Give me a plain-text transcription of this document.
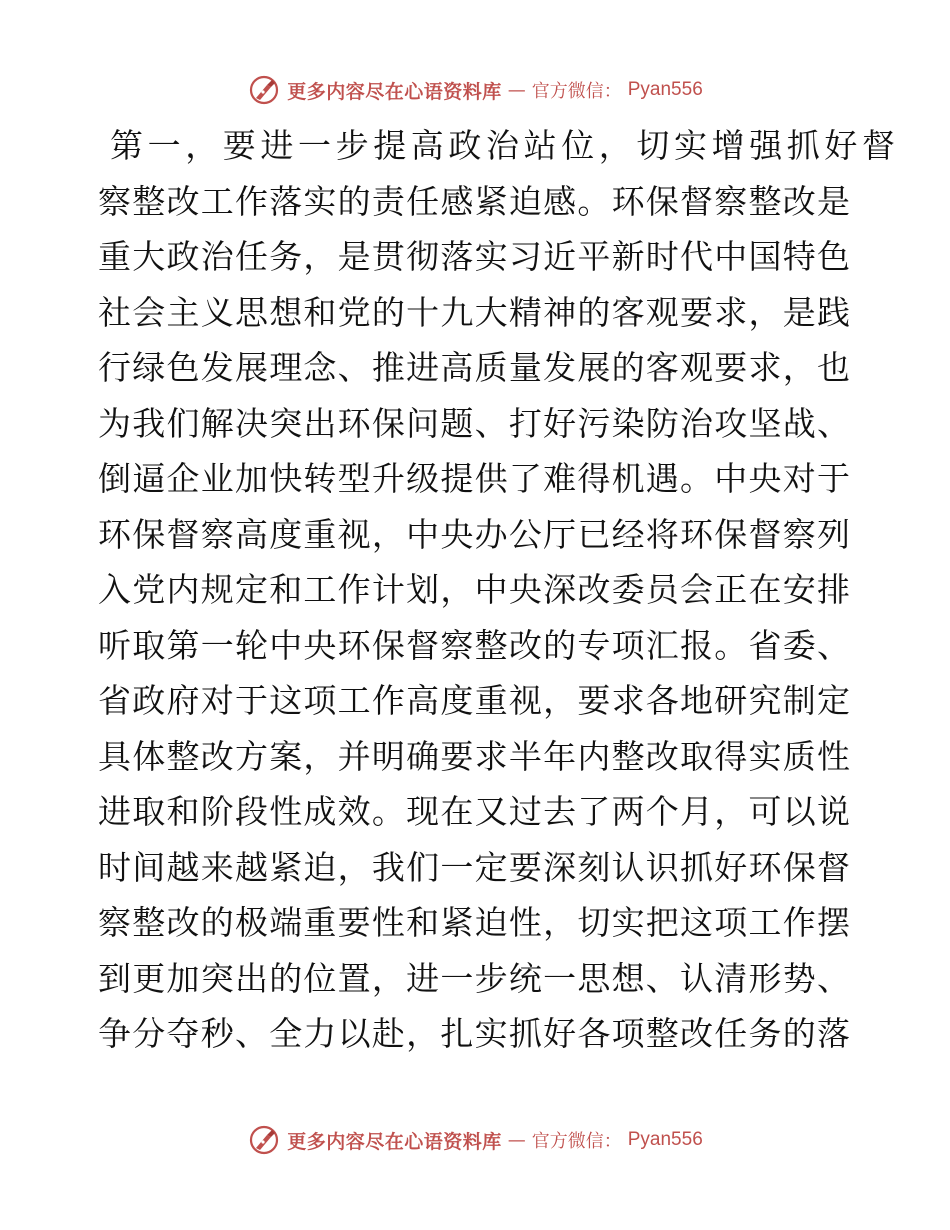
更多内容尽在心语资料库 — 官方微信： Pyan556
第一，要进一步提高政治站位，切实增强抓好督
察整改工作落实的责任感紧迫感。环保督察整改是
重大政治任务，是贯彻落实习近平新时代中国特色
社会主义思想和党的十九大精神的客观要求，是践
行绿色发展理念、推进高质量发展的客观要求，也
为我们解决突出环保问题、打好污染防治攻坚战、
倒逼企业加快转型升级提供了难得机遇。中央对于
环保督察高度重视，中央办公厅已经将环保督察列
入党内规定和工作计划，中央深改委员会正在安排
听取第一轮中央环保督察整改的专项汇报。省委、
省政府对于这项工作高度重视，要求各地研究制定
具体整改方案，并明确要求半年内整改取得实质性
进取和阶段性成效。现在又过去了两个月，可以说
时间越来越紧迫，我们一定要深刻认识抓好环保督
察整改的极端重要性和紧迫性，切实把这项工作摆
到更加突出的位置，进一步统一思想、认清形势、
争分夺秒、全力以赴，扎实抓好各项整改任务的落
更多内容尽在心语资料库 — 官方微信： Pyan556
